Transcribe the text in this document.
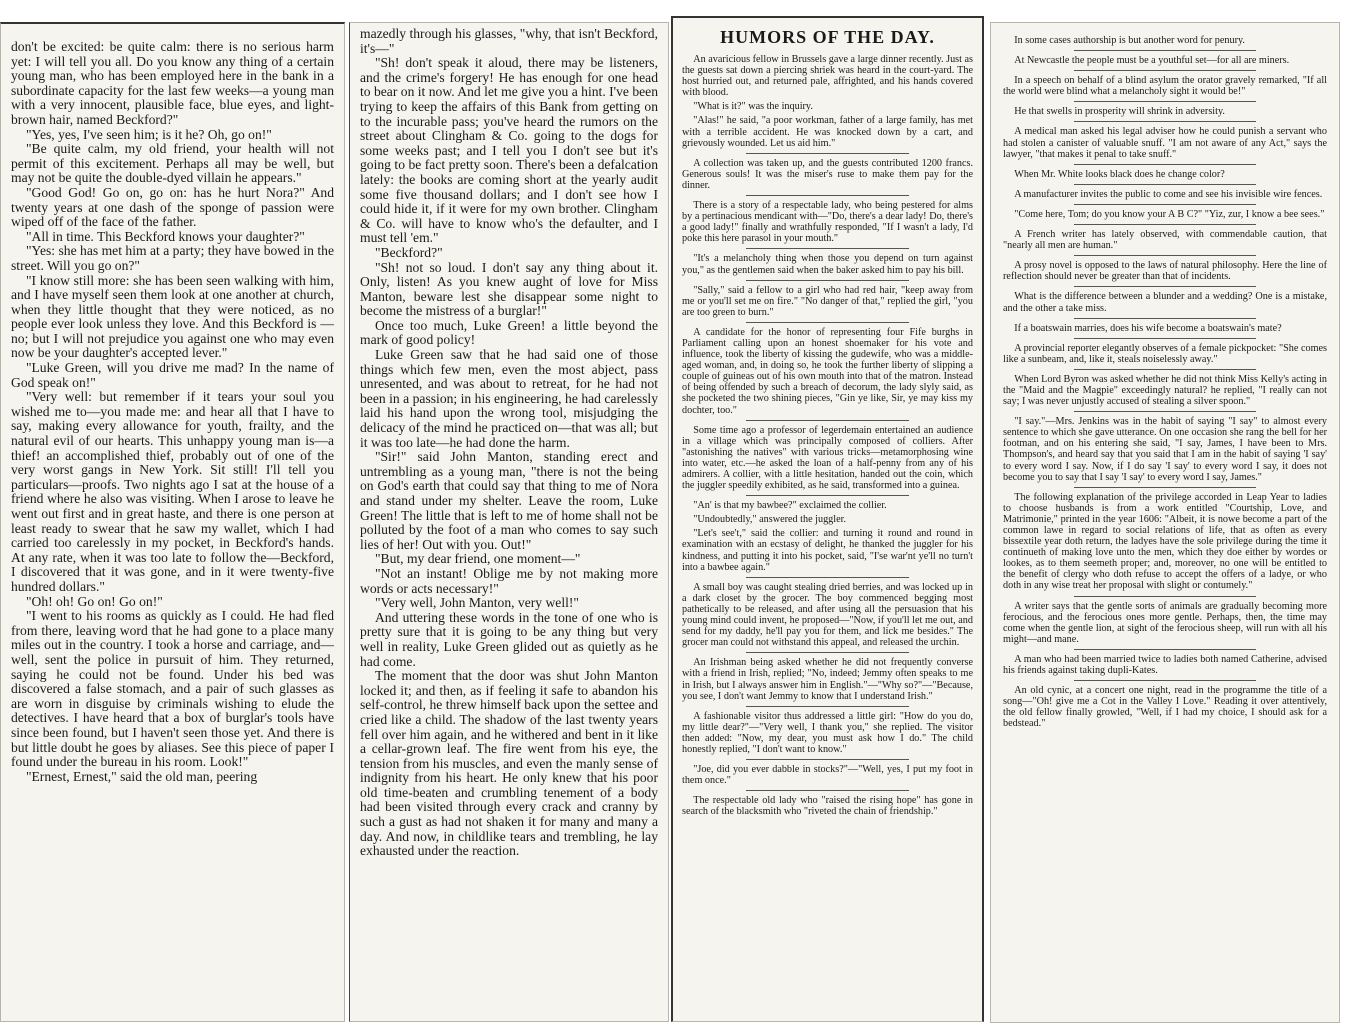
don't be excited: be quite calm: there is no serious harm yet: I will tell you all. Do you know any thing of a certain young man, who has been employed here in the bank in a subordinate capacity for the last few weeks—a young man with a very innocent, plausible face, blue eyes, and light-brown hair, named Beckford?"

"Yes, yes, I've seen him; is it he? Oh, go on!"

"Be quite calm, my old friend, your health will not permit of this excitement. Perhaps all may be well, but may not be quite the double-dyed villain he appears."

"Good God! Go on, go on: has he hurt Nora?" And twenty years at one dash of the sponge of passion were wiped off of the face of the father.

"All in time. This Beckford knows your daughter?"

"Yes: she has met him at a party; they have bowed in the street. Will you go on?"

"I know still more: she has been seen walking with him, and I have myself seen them look at one another at church, when they little thought that they were noticed, as no people ever look unless they love. And this Beckford is —no; but I will not prejudice you against one who may even now be your daughter's accepted lever."

"Luke Green, will you drive me mad? In the name of God speak on!"

"Very well: but remember if it tears your soul you wished me to—you made me: and hear all that I have to say, making every allowance for youth, frailty, and the natural evil of our hearts. This unhappy young man is—a thief! an accomplished thief, probably out of one of the very worst gangs in New York. Sit still! I'll tell you particulars—proofs. Two nights ago I sat at the house of a friend where he also was visiting. When I arose to leave he went out first and in great haste, and there is one person at least ready to swear that he saw my wallet, which I had carried too carelessly in my pocket, in Beckford's hands. At any rate, when it was too late to follow the—Beckford, I discovered that it was gone, and in it were twenty-five hundred dollars."

"Oh! oh! Go on! Go on!"

"I went to his rooms as quickly as I could. He had fled from there, leaving word that he had gone to a place many miles out in the country. I took a horse and carriage, and—well, sent the police in pursuit of him. They returned, saying he could not be found. Under his bed was discovered a false stomach, and a pair of such glasses as are worn in disguise by criminals wishing to elude the detectives. I have heard that a box of burglar's tools have since been found, but I haven't seen those yet. And there is but little doubt he goes by aliases. See this piece of paper I found under the bureau in his room. Look!"

"Ernest, Ernest," said the old man, peering

mazedly through his glasses, "why, that isn't Beckford, it's—"

"Sh! don't speak it aloud, there may be listeners, and the crime's forgery! He has enough for one head to bear on it now. And let me give you a hint. I've been trying to keep the affairs of this Bank from getting on to the incurable pass; you've heard the rumors on the street about Clingham & Co. going to the dogs for some weeks past; and I tell you I don't see but it's going to be fact pretty soon. There's been a defalcation lately: the books are coming short at the yearly audit some five thousand dollars; and I don't see how I could hide it, if it were for my own brother. Clingham & Co. will have to know who's the defaulter, and I must tell 'em."

"Beckford?"

"Sh! not so loud. I don't say any thing about it. Only, listen! As you knew aught of love for Miss Manton, beware lest she disappear some night to become the mistress of a burglar!"

Once too much, Luke Green! a little beyond the mark of good policy!

Luke Green saw that he had said one of those things which few men, even the most abject, pass unresented, and was about to retreat, for he had not been in a passion; in his engineering, he had carelessly laid his hand upon the wrong tool, misjudging the delicacy of the mind he practiced on—that was all; but it was too late—he had done the harm.

"Sir!" said John Manton, standing erect and untrembling as a young man, "there is not the being on God's earth that could say that thing to me of Nora and stand under my shelter. Leave the room, Luke Green! The little that is left to me of home shall not be polluted by the foot of a man who comes to say such lies of her! Out with you. Out!"

"But, my dear friend, one moment—"

"Not an instant! Oblige me by not making more words or acts necessary!"

"Very well, John Manton, very well!"

And uttering these words in the tone of one who is pretty sure that it is going to be any thing but very well in reality, Luke Green glided out as quietly as he had come.

The moment that the door was shut John Manton locked it; and then, as if feeling it safe to abandon his self-control, he threw himself back upon the settee and cried like a child. The shadow of the last twenty years fell over him again, and he withered and bent in it like a cellar-grown leaf. The fire went from his eye, the tension from his muscles, and even the manly sense of indignity from his heart. He only knew that his poor old time-beaten and crumbling tenement of a body had been visited through every crack and cranny by such a gust as had not shaken it for many and many a day. And now, in childlike tears and trembling, he lay exhausted under the reaction.

HUMORS OF THE DAY.

An avaricious fellow in Brussels gave a large dinner recently. Just as the guests sat down a piercing shriek was heard in the court-yard. The host hurried out, and returned pale, affrighted, and his hands covered with blood.

"What is it?" was the inquiry.

"Alas!" he said, "a poor workman, father of a large family, has met with a terrible accident. He was knocked down by a cart, and grievously wounded. Let us aid him."

A collection was taken up, and the guests contributed 1200 francs. Generous souls! It was the miser's ruse to make them pay for the dinner.

There is a story of a respectable lady, who being pestered for alms by a pertinacious mendicant with—"Do, there's a dear lady! Do, there's a good lady!" finally and wrathfully responded, "If I wasn't a lady, I'd poke this here parasol in your mouth."

"It's a melancholy thing when those you depend on turn against you," as the gentlemen said when the baker asked him to pay his bill.

"Sally," said a fellow to a girl who had red hair, "keep away from me or you'll set me on fire." "No danger of that," replied the girl, "you are too green to burn."

A candidate for the honor of representing four Fife burghs in Parliament calling upon an honest shoemaker for his vote and influence, took the liberty of kissing the gudewife, who was a middle-aged woman, and, in doing so, he took the further liberty of slipping a couple of guineas out of his own mouth into that of the matron. Instead of being offended by such a breach of decorum, the lady slyly said, as she pocketed the two shining pieces, "Gin ye like, Sir, ye may kiss my dochter, too."

Some time ago a professor of legerdemain entertained an audience in a village which was principally composed of colliers. After "astonishing the natives" with various tricks—metamorphosing wine into water, etc.—he asked the loan of a half-penny from any of his admirers. A collier, with a little hesitation, handed out the coin, which the juggler speedily exhibited, as he said, transformed into a guinea.

"An' is that my bawbee?" exclaimed the collier.

"Undoubtedly," answered the juggler.

"Let's see't," said the collier: and turning it round and round in examination with an ecstasy of delight, he thanked the juggler for his kindness, and putting it into his pocket, said, "I'se war'nt ye'll no turn't into a bawbee again."

A small boy was caught stealing dried berries, and was locked up in a dark closet by the grocer. The boy commenced begging most pathetically to be released, and after using all the persuasion that his young mind could invent, he proposed—"Now, if you'll let me out, and send for my daddy, he'll pay you for them, and lick me besides." The grocer man could not withstand this appeal, and released the urchin.

An Irishman being asked whether he did not frequently converse with a friend in Irish, replied; "No, indeed; Jemmy often speaks to me in Irish, but I always answer him in English."—"Why so?"—"Because, you see, I don't want Jemmy to know that I understand Irish."

A fashionable visitor thus addressed a little girl: "How do you do, my little dear?"—"Very well, I thank you," she replied. The visitor then added: "Now, my dear, you must ask how I do." The child honestly replied, "I don't want to know."

"Joe, did you ever dabble in stocks?"—"Well, yes, I put my foot in them once."

The respectable old lady who "raised the rising hope" has gone in search of the blacksmith who "riveted the chain of friendship."

In some cases authorship is but another word for penury.

At Newcastle the people must be a youthful set—for all are miners.

In a speech on behalf of a blind asylum the orator gravely remarked, "If all the world were blind what a melancholy sight it would be!"

He that swells in prosperity will shrink in adversity.

A medical man asked his legal adviser how he could punish a servant who had stolen a canister of valuable snuff. "I am not aware of any Act," says the lawyer, "that makes it penal to take snuff."

When Mr. White looks black does he change color?

A manufacturer invites the public to come and see his invisible wire fences.

"Come here, Tom; do you know your A B C?" "Yiz, zur, I know a bee sees."

A French writer has lately observed, with commendable caution, that "nearly all men are human."

A prosy novel is opposed to the laws of natural philosophy. Here the line of reflection should never be greater than that of incidents.

What is the difference between a blunder and a wedding? One is a mistake, and the other a take miss.

If a boatswain marries, does his wife become a boatswain's mate?

A provincial reporter elegantly observes of a female pickpocket: "She comes like a sunbeam, and, like it, steals noiselessly away."

When Lord Byron was asked whether he did not think Miss Kelly's acting in the "Maid and the Magpie" exceedingly natural? he replied, "I really can not say; I was never unjustly accused of stealing a silver spoon."

"I say."—Mrs. Jenkins was in the habit of saying "I say" to almost every sentence to which she gave utterance. On one occasion she rang the bell for her footman, and on his entering she said, "I say, James, I have been to Mrs. Thompson's, and heard say that you said that I am in the habit of saying 'I say' to every word I say. Now, if I do say 'I say' to every word I say, it does not become you to say that I say 'I say' to every word I say, James."

The following explanation of the privilege accorded in Leap Year to ladies to choose husbands is from a work entitled "Courtship, Love, and Matrimonie," printed in the year 1606: "Albeit, it is nowe become a part of the common lawe in regard to social relations of life, that as often as every bissextile year doth return, the ladyes have the sole privilege during the time it continueth of making love unto the men, which they doe either by wordes or lookes, as to them seemeth proper; and, moreover, no one will be entitled to the benefit of clergy who doth refuse to accept the offers of a ladye, or who doth in any wise treat her proposal with slight or contumely."

A writer says that the gentle sorts of animals are gradually becoming more ferocious, and the ferocious ones more gentle. Perhaps, then, the time may come when the gentle lion, at sight of the ferocious sheep, will run with all his might—and mane.

A man who had been married twice to ladies both named Catherine, advised his friends against taking dupli-Kates.

An old cynic, at a concert one night, read in the programme the title of a song—"Oh! give me a Cot in the Valley I Love." Reading it over attentively, the old fellow finally growled, "Well, if I had my choice, I should ask for a bedstead."
